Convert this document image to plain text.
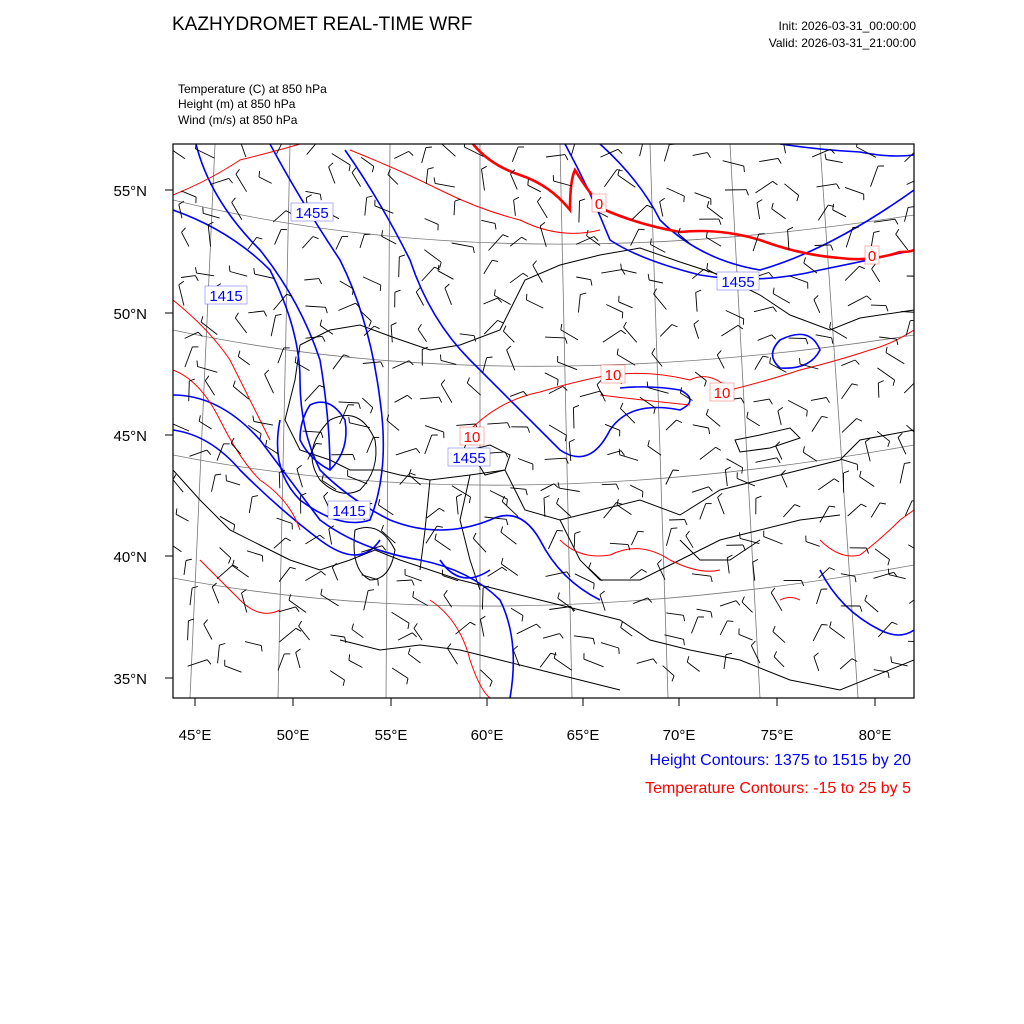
KAZHYDROMET REAL-TIME WRF	Init: 2026-03-31_00:00:00
Valid: 2026-03-31_21:00:00
Temperature (C) at 850 hPa
Height (m) at 850 hPa
Wind (m/s) at 850 hPa
55°N
50°N
45°N
40°N
35°N
45°E	50°E	55°E	60°E	65°E	70°E	75°E	80°E
1455
1415
1455
1415
1455
0
0
10
10
10
Height Contours: 1375 to 1515 by 20
Temperature Contours: -15 to 25 by 5
